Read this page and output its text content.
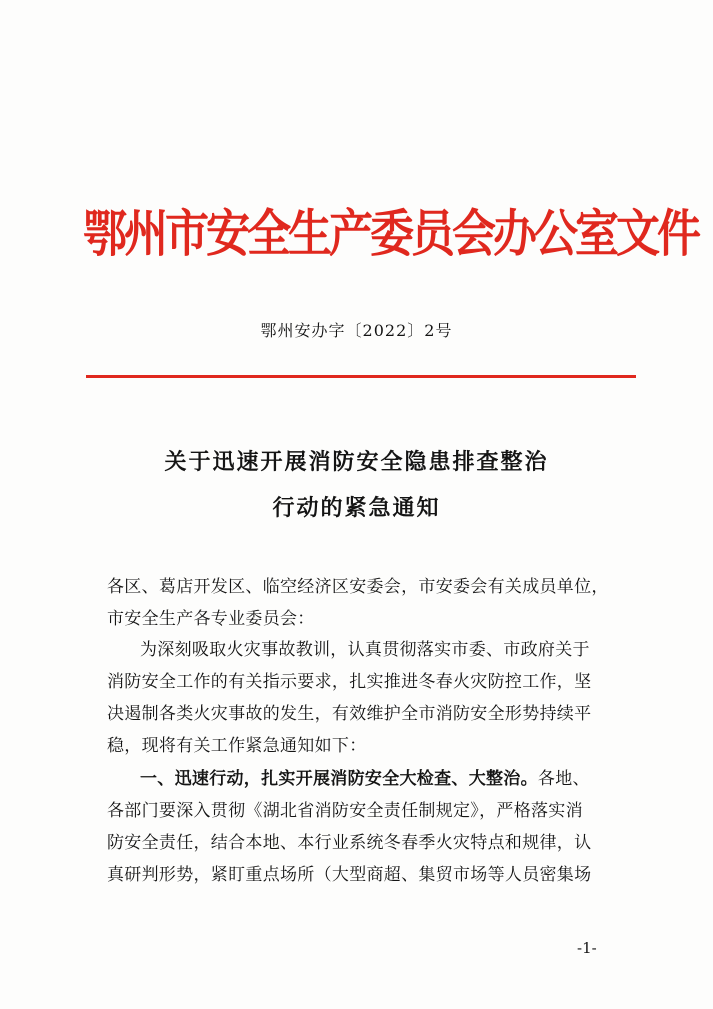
鄂州市安全生产委员会办公室文件
鄂州安办字〔2022〕2号
关于迅速开展消防安全隐患排查整治
行动的紧急通知
各区、葛店开发区、临空经济区安委会，市安委会有关成员单位，
市安全生产各专业委员会：
为深刻吸取火灾事故教训，认真贯彻落实市委、市政府关于
消防安全工作的有关指示要求，扎实推进冬春火灾防控工作，坚
决遏制各类火灾事故的发生，有效维护全市消防安全形势持续平
稳，现将有关工作紧急通知如下：
一、迅速行动，扎实开展消防安全大检查、大整治。各地、
各部门要深入贯彻《湖北省消防安全责任制规定》，严格落实消
防安全责任，结合本地、本行业系统冬春季火灾特点和规律，认
真研判形势，紧盯重点场所（大型商超、集贸市场等人员密集场
-1-
